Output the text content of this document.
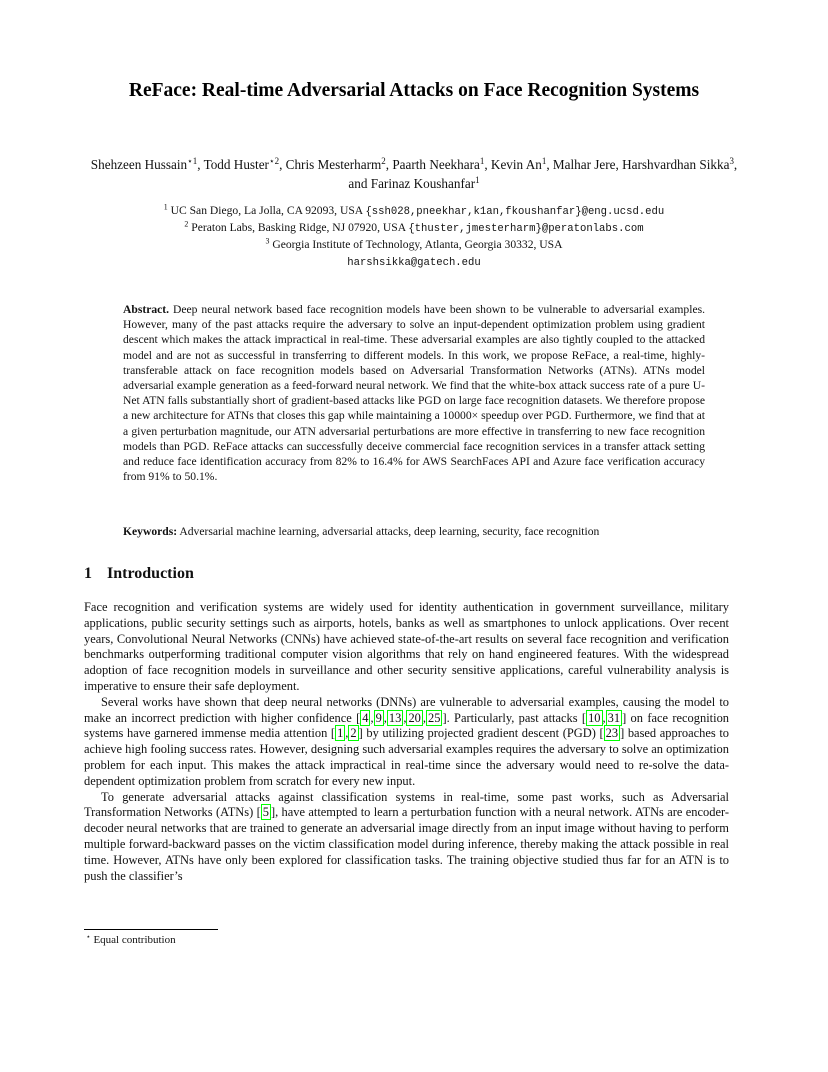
ReFace: Real-time Adversarial Attacks on Face Recognition Systems
Shehzeen Hussain$^{⋆1}$, Todd Huster$^{⋆2}$, Chris Mesterharm$^2$, Paarth Neekhara$^1$, Kevin An$^1$, Malhar Jere, Harshvardhan Sikka$^3$, and Farinaz Koushanfar$^1$
$^1$ UC San Diego, La Jolla, CA 92093, USA {ssh028,pneekhar,k1an,fkoushanfar}@eng.ucsd.edu
$^2$ Peraton Labs, Basking Ridge, NJ 07920, USA {thuster,jmesterharm}@peratonlabs.com
$^3$ Georgia Institute of Technology, Atlanta, Georgia 30332, USA
harshsikka@gatech.edu
Abstract. Deep neural network based face recognition models have been shown to be vulnerable to adversarial examples. However, many of the past attacks require the adversary to solve an input-dependent optimization problem using gradient descent which makes the attack impractical in real-time. These adversarial examples are also tightly coupled to the attacked model and are not as successful in transferring to different models. In this work, we propose ReFace, a real-time, highly-transferable attack on face recognition models based on Adversarial Transformation Networks (ATNs). ATNs model adversarial example generation as a feed-forward neural network. We find that the white-box attack success rate of a pure U-Net ATN falls substantially short of gradient-based attacks like PGD on large face recognition datasets. We therefore propose a new architecture for ATNs that closes this gap while maintaining a 10000× speedup over PGD. Furthermore, we find that at a given perturbation magnitude, our ATN adversarial perturbations are more effective in transferring to new face recognition models than PGD. ReFace attacks can successfully deceive commercial face recognition services in a transfer attack setting and reduce face identification accuracy from 82% to 16.4% for AWS SearchFaces API and Azure face verification accuracy from 91% to 50.1%.
Keywords: Adversarial machine learning, adversarial attacks, deep learning, security, face recognition
1 Introduction

Face recognition and verification systems are widely used for identity authentication in government surveillance, military applications, public security settings such as airports, hotels, banks as well as smartphones to unlock applications. Over recent years, Convolutional Neural Networks (CNNs) have achieved state-of-the-art results on several face recognition and verification benchmarks outperforming traditional computer vision algorithms that rely on hand engineered features. With the widespread adoption of face recognition models in surveillance and other security sensitive applications, careful vulnerability analysis is imperative to ensure their safe deployment.

Several works have shown that deep neural networks (DNNs) are vulnerable to adversarial examples, causing the model to make an incorrect prediction with higher confidence [ 4 , 9 , 13 , 20 , 25 ]. Particularly, past attacks [ 10 , 31 ] on face recognition systems have garnered immense media attention [ 1 , 2 ] by utilizing projected gradient descent (PGD) [ 23 ] based approaches to achieve high fooling success rates. However, designing such adversarial examples requires the adversary to solve an optimization problem for each input. This makes the attack impractical in real-time since the adversary would need to re-solve the data-dependent optimization problem from scratch for every new input.

To generate adversarial attacks against classification systems in real-time, some past works, such as Adversarial Transformation Networks (ATNs) [ 5 ], have attempted to learn a perturbation function with a neural network. ATNs are encoder-decoder neural networks that are trained to generate an adversarial image directly from an input image without having to perform multiple forward-backward passes on the victim classification model during inference, thereby making the attack possible in real time. However, ATNs have only been explored for classification tasks. The training objective studied thus far for an ATN is to push the classifier’s

⋆ Equal contribution
